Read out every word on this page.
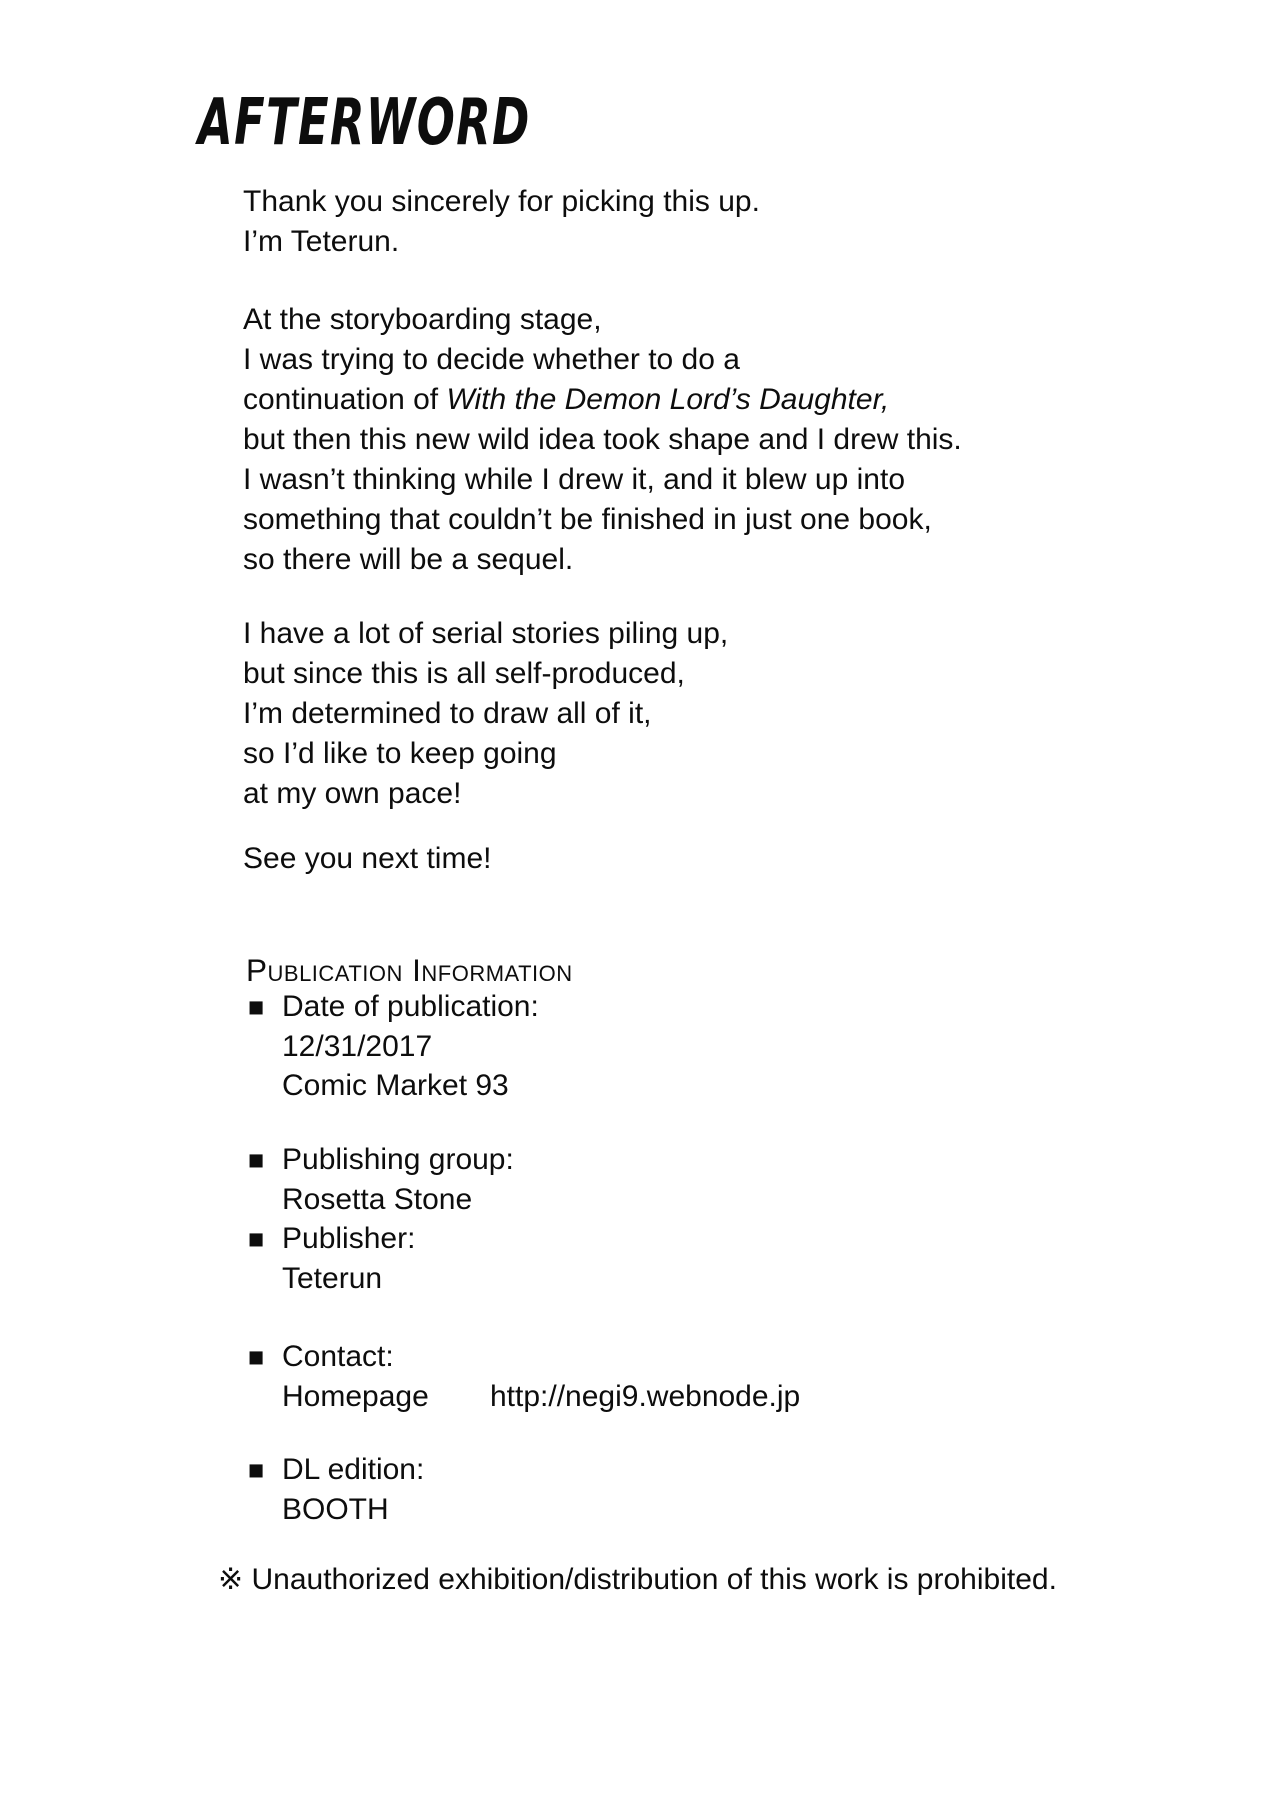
AFTERWORD
Thank you sincerely for picking this up.
I’m Teterun.
At the storyboarding stage,
I was trying to decide whether to do a
continuation of With the Demon Lord’s Daughter,
but then this new wild idea took shape and I drew this.
I wasn’t thinking while I drew it, and it blew up into
something that couldn’t be finished in just one book,
so there will be a sequel.
I have a lot of serial stories piling up,
but since this is all self-produced,
I’m determined to draw all of it,
so I’d like to keep going
at my own pace!
See you next time!
Publication Information
■ Date of publication:
12/31/2017
Comic Market 93
■ Publishing group:
Rosetta Stone
■ Publisher:
Teterun
■ Contact:
Homepage http://negi9.webnode.jp
■ DL edition:
BOOTH
※ Unauthorized exhibition/distribution of this work is prohibited.
